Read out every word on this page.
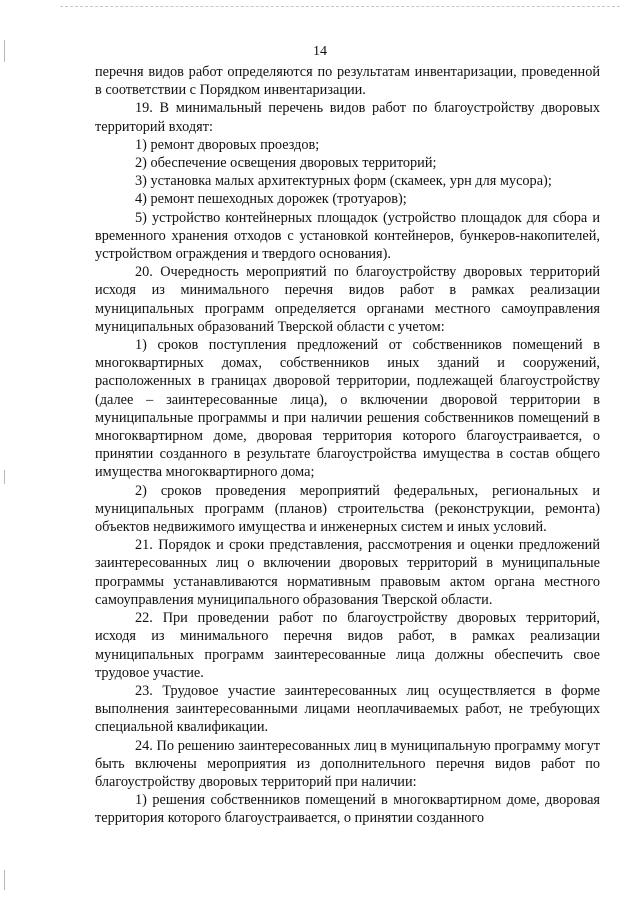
14

перечня видов работ определяются по результатам инвентаризации, проведенной в соответствии с Порядком инвентаризации.

19. В минимальный перечень видов работ по благоустройству дворовых территорий входят:

1) ремонт дворовых проездов;

2) обеспечение освещения дворовых территорий;

3) установка малых архитектурных форм (скамеек, урн для мусора);

4) ремонт пешеходных дорожек (тротуаров);

5) устройство контейнерных площадок (устройство площадок для сбора и временного хранения отходов с установкой контейнеров, бункеров-накопителей, устройством ограждения и твердого основания).

20. Очередность мероприятий по благоустройству дворовых территорий исходя из минимального перечня видов работ в рамках реализации муниципальных программ определяется органами местного самоуправления муниципальных образований Тверской области с учетом:

1) сроков поступления предложений от собственников помещений в многоквартирных домах, собственников иных зданий и сооружений, расположенных в границах дворовой территории, подлежащей благоустройству (далее – заинтересованные лица), о включении дворовой территории в муниципальные программы и при наличии решения собственников помещений в многоквартирном доме, дворовая территория которого благоустраивается, о принятии созданного в результате благоустройства имущества в состав общего имущества многоквартирного дома;

2) сроков проведения мероприятий федеральных, региональных и муниципальных программ (планов) строительства (реконструкции, ремонта) объектов недвижимого имущества и инженерных систем и иных условий.

21. Порядок и сроки представления, рассмотрения и оценки предложений заинтересованных лиц о включении дворовых территорий в муниципальные программы устанавливаются нормативным правовым актом органа местного самоуправления муниципального образования Тверской области.

22. При проведении работ по благоустройству дворовых территорий, исходя из минимального перечня видов работ, в рамках реализации муниципальных программ заинтересованные лица должны обеспечить свое трудовое участие.

23. Трудовое участие заинтересованных лиц осуществляется в форме выполнения заинтересованными лицами неоплачиваемых работ, не требующих специальной квалификации.

24. По решению заинтересованных лиц в муниципальную программу могут быть включены мероприятия из дополнительного перечня видов работ по благоустройству дворовых территорий при наличии:

1) решения собственников помещений в многоквартирном доме, дворовая территория которого благоустраивается, о принятии созданного
